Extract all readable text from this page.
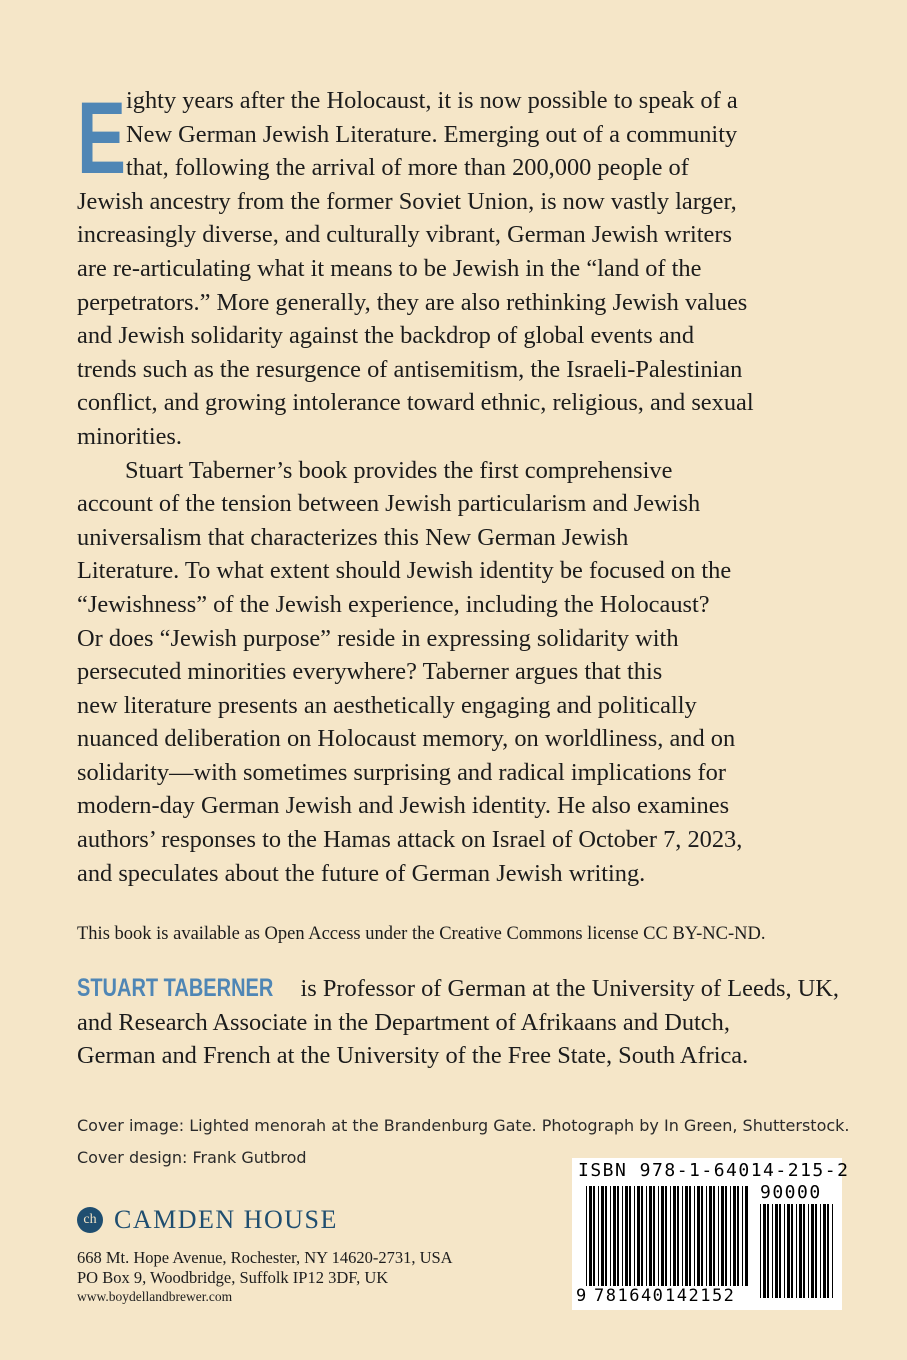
E ighty years after the Holocaust, it is now possible to speak of a
New German Jewish Literature. Emerging out of a community
that, following the arrival of more than 200,000 people of
Jewish ancestry from the former Soviet Union, is now vastly larger,
increasingly diverse, and culturally vibrant, German Jewish writers
are re-articulating what it means to be Jewish in the “land of the
perpetrators.” More generally, they are also rethinking Jewish values
and Jewish solidarity against the backdrop of global events and
trends such as the resurgence of antisemitism, the Israeli-Palestinian
conflict, and growing intolerance toward ethnic, religious, and sexual
minorities.
Stuart Taberner’s book provides the first comprehensive
account of the tension between Jewish particularism and Jewish
universalism that characterizes this New German Jewish
Literature. To what extent should Jewish identity be focused on the
“Jewishness” of the Jewish experience, including the Holocaust?
Or does “Jewish purpose” reside in expressing solidarity with
persecuted minorities everywhere? Taberner argues that this
new literature presents an aesthetically engaging and politically
nuanced deliberation on Holocaust memory, on worldliness, and on
solidarity—with sometimes surprising and radical implications for
modern-day German Jewish and Jewish identity. He also examines
authors’ responses to the Hamas attack on Israel of October 7, 2023,
and speculates about the future of German Jewish writing.
This book is available as Open Access under the Creative Commons license CC BY-NC-ND.
STUART TABERNER is Professor of German at the University of Leeds, UK,
and Research Associate in the Department of Afrikaans and Dutch,
German and French at the University of the Free State, South Africa.
Cover image: Lighted menorah at the Brandenburg Gate. Photograph by In Green, Shutterstock.
Cover design: Frank Gutbrod
ch CAMDEN HOUSE
668 Mt. Hope Avenue, Rochester, NY 14620-2731, USA
PO Box 9, Woodbridge, Suffolk IP12 3DF, UK
www.boydellandbrewer.com
ISBN 978-1-64014-215-2
90000
9 781640 142152
